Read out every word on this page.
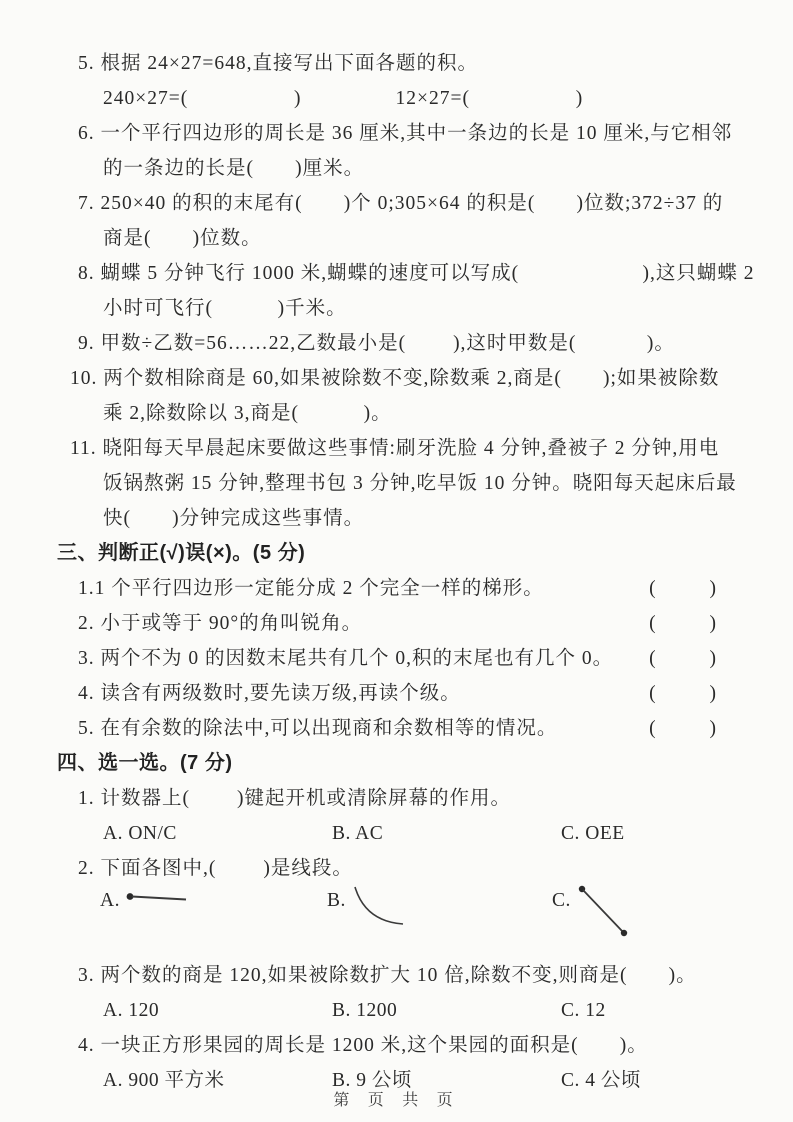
5. 根据 24×27=648,直接写出下面各题的积。
240×27=(                  )                12×27=(                  )
6. 一个平行四边形的周长是 36 厘米,其中一条边的长是 10 厘米,与它相邻
的一条边的长是(       )厘米。
7. 250×40 的积的末尾有(       )个 0;305×64 的积是(       )位数;372÷37 的
商是(       )位数。
8. 蝴蝶 5 分钟飞行 1000 米,蝴蝶的速度可以写成(                     ),这只蝴蝶 2
小时可飞行(           )千米。
9. 甲数÷乙数=56……22,乙数最小是(        ),这时甲数是(            )。
10. 两个数相除商是 60,如果被除数不变,除数乘 2,商是(       );如果被除数
乘 2,除数除以 3,商是(           )。
11. 晓阳每天早晨起床要做这些事情:刷牙洗脸 4 分钟,叠被子 2 分钟,用电
饭锅熬粥 15 分钟,整理书包 3 分钟,吃早饭 10 分钟。晓阳每天起床后最
快(       )分钟完成这些事情。
三、判断正(√)误(×)。(5 分)
1.1 个平行四边形一定能分成 2 个完全一样的梯形。	(         )
2. 小于或等于 90°的角叫锐角。	(         )
3. 两个不为 0 的因数末尾共有几个 0,积的末尾也有几个 0。 (         )
4. 读含有两级数时,要先读万级,再读个级。	(         )
5. 在有余数的除法中,可以出现商和余数相等的情况。	(         )
四、选一选。(7 分)
1. 计数器上(        )键起开机或清除屏幕的作用。
A. ON/C	B. AC	C. OEE
2. 下面各图中,(        )是线段。
A.	B.	C.
3. 两个数的商是 120,如果被除数扩大 10 倍,除数不变,则商是(       )。
A. 120	B. 1200	C. 12
4. 一块正方形果园的周长是 1200 米,这个果园的面积是(       )。
A. 900 平方米	B. 9 公顷	C. 4 公顷
第 页 共 页
